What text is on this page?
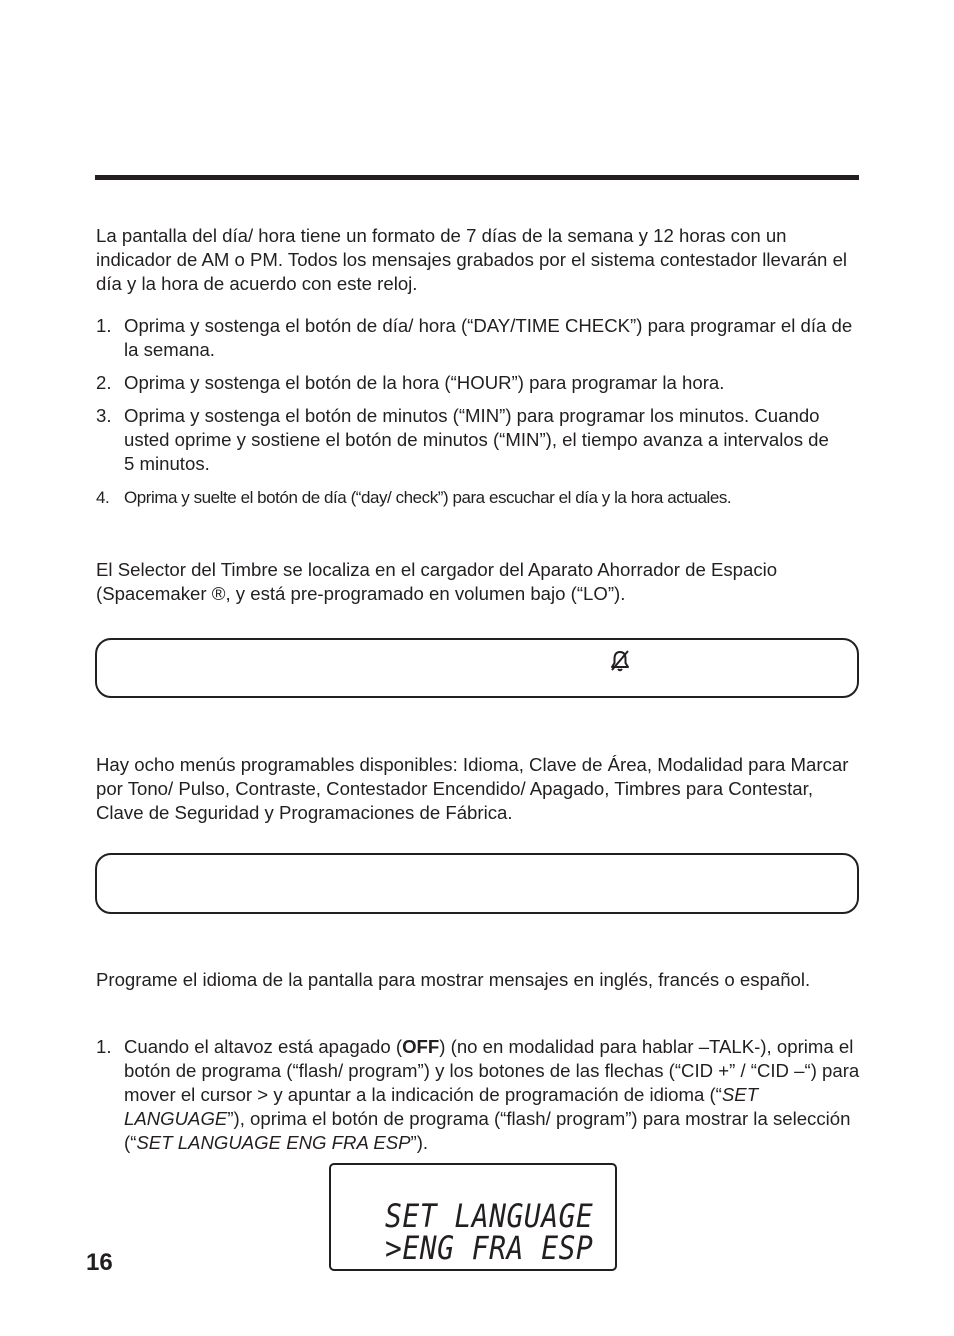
La pantalla del día/ hora tiene un formato de 7 días de la semana y 12 horas con un indicador de AM o PM. Todos los mensajes grabados por el sistema contestador llevarán el día y la hora de acuerdo con este reloj.

1. Oprima y sostenga el botón de día/ hora (“DAY/TIME CHECK”) para programar el día de la semana.
2. Oprima y sostenga el botón de la hora (“HOUR”) para programar la hora.
3. Oprima y sostenga el botón de minutos (“MIN”) para programar los minutos. Cuando usted oprime y sostiene el botón de minutos (“MIN”), el tiempo avanza a intervalos de 5 minutos.
4. Oprima y suelte el botón de día (“day/ check”) para escuchar el día y la hora actuales.

El Selector del Timbre se localiza en el cargador del Aparato Ahorrador de Espacio (Spacemaker ®, y está pre-programado en volumen bajo (“LO”).

Hay ocho menús programables disponibles: Idioma, Clave de Área, Modalidad para Marcar por Tono/ Pulso, Contraste, Contestador Encendido/ Apagado, Timbres para Contestar, Clave de Seguridad y Programaciones de Fábrica.

Programe el idioma de la pantalla para mostrar mensajes en inglés, francés o español.

1. Cuando el altavoz está apagado (OFF) (no en modalidad para hablar –TALK-), oprima el botón de programa (“flash/ program”) y los botones de las flechas (“CID +” / “CID –“) para mover el cursor > y apuntar a la indicación de programación de idioma (“SET LANGUAGE”), oprima el botón de programa (“flash/ program”) para mostrar la selección (“SET LANGUAGE ENG FRA ESP”).
SET LANGUAGE
>ENG FRA ESP
16
